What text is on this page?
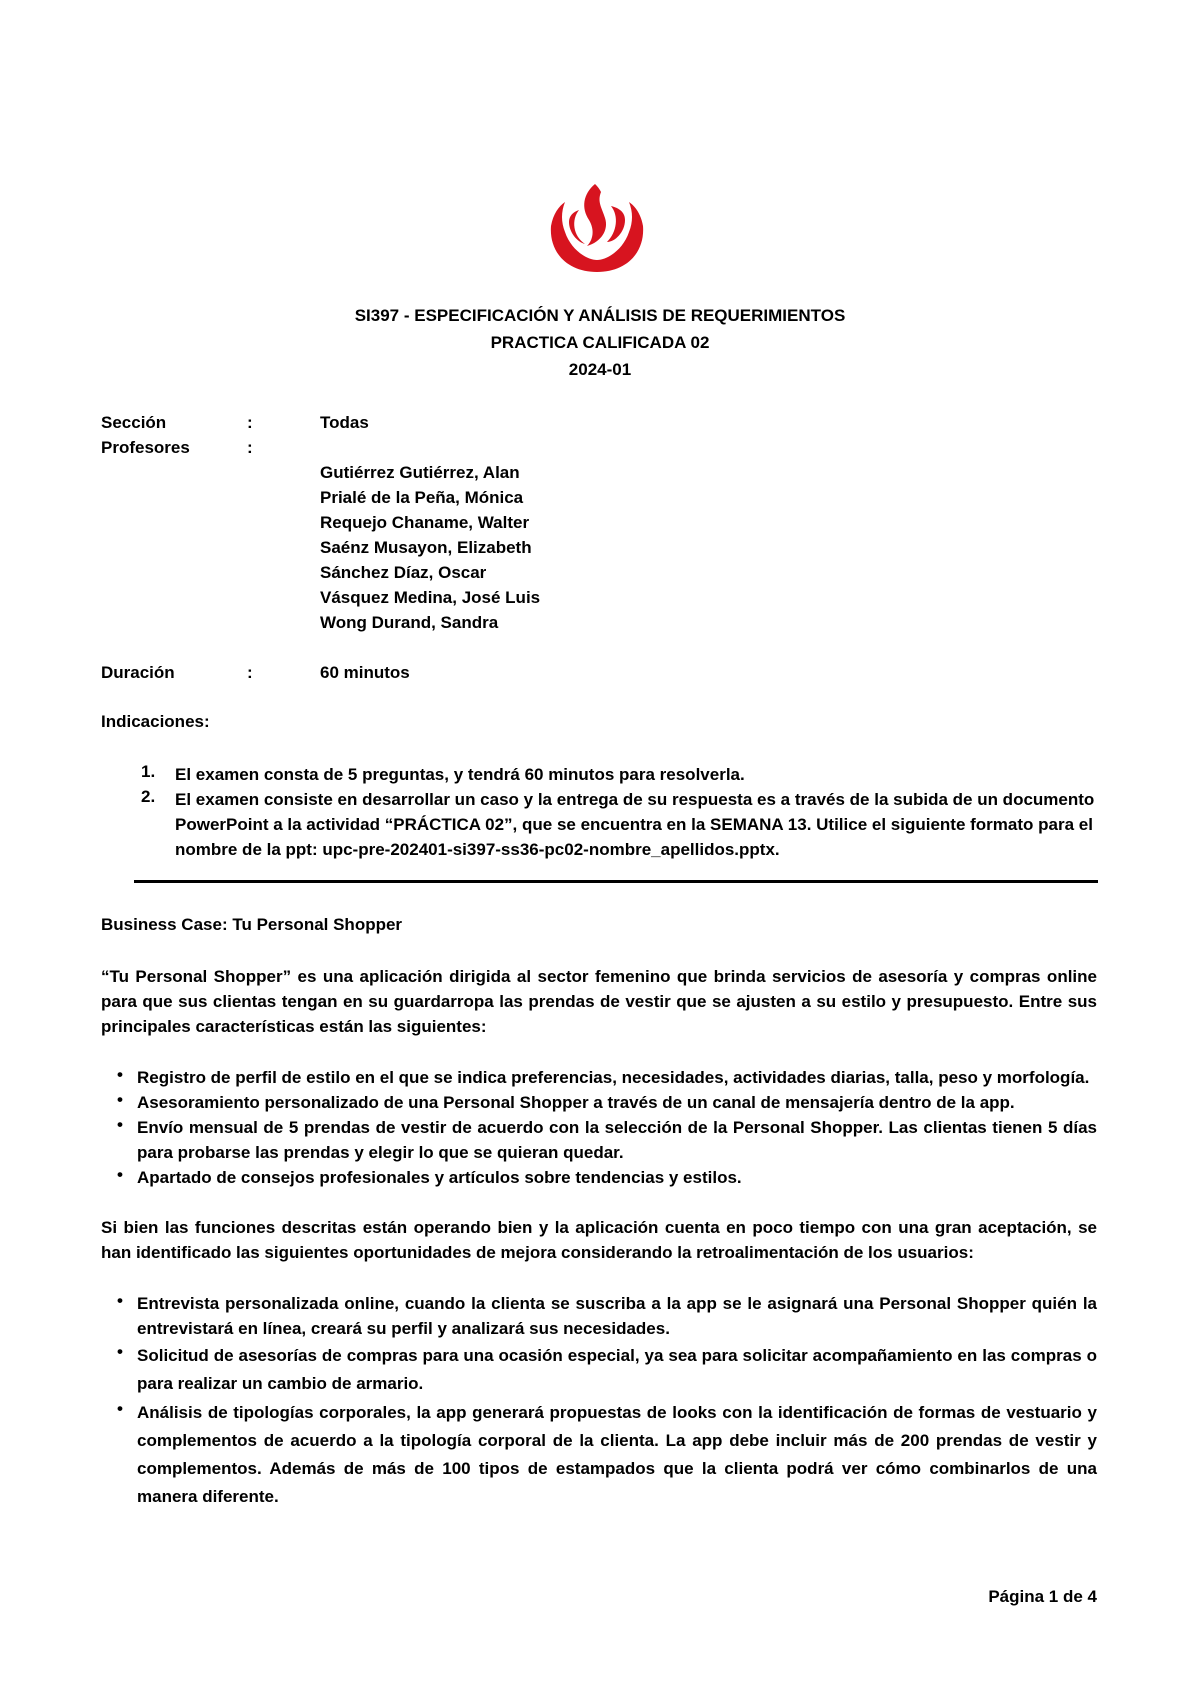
SI397 - ESPECIFICACIÓN Y ANÁLISIS DE REQUERIMIENTOS
PRACTICA CALIFICADA 02
2024-01
Sección	:	Todas
Profesores	:
Gutiérrez Gutiérrez, Alan
Prialé de la Peña, Mónica
Requejo Chaname, Walter
Saénz Musayon, Elizabeth
Sánchez Díaz, Oscar
Vásquez Medina, José Luis
Wong Durand, Sandra
Duración	:	60 minutos
Indicaciones:
1. El examen consta de 5 preguntas, y tendrá 60 minutos para resolverla.
2. El examen consiste en desarrollar un caso y la entrega de su respuesta es a través de la subida de un documento PowerPoint a la actividad “PRÁCTICA 02”, que se encuentra en la SEMANA 13. Utilice el siguiente formato para el nombre de la ppt: upc-pre-202401-si397-ss36-pc02-nombre_apellidos.pptx.
Business Case: Tu Personal Shopper
“Tu Personal Shopper” es una aplicación dirigida al sector femenino que brinda servicios de asesoría y compras online para que sus clientas tengan en su guardarropa las prendas de vestir que se ajusten a su estilo y presupuesto. Entre sus principales características están las siguientes:
• Registro de perfil de estilo en el que se indica preferencias, necesidades, actividades diarias, talla, peso y morfología.
• Asesoramiento personalizado de una Personal Shopper a través de un canal de mensajería dentro de la app.
• Envío mensual de 5 prendas de vestir de acuerdo con la selección de la Personal Shopper. Las clientas tienen 5 días para probarse las prendas y elegir lo que se quieran quedar.
• Apartado de consejos profesionales y artículos sobre tendencias y estilos.
Si bien las funciones descritas están operando bien y la aplicación cuenta en poco tiempo con una gran aceptación, se han identificado las siguientes oportunidades de mejora considerando la retroalimentación de los usuarios:
• Entrevista personalizada online, cuando la clienta se suscriba a la app se le asignará una Personal Shopper quién la entrevistará en línea, creará su perfil y analizará sus necesidades.
• Solicitud de asesorías de compras para una ocasión especial, ya sea para solicitar acompañamiento en las compras o para realizar un cambio de armario.
• Análisis de tipologías corporales, la app generará propuestas de looks con la identificación de formas de vestuario y complementos de acuerdo a la tipología corporal de la clienta. La app debe incluir más de 200 prendas de vestir y complementos. Además de más de 100 tipos de estampados que la clienta podrá ver cómo combinarlos de una manera diferente.
Página 1 de 4
